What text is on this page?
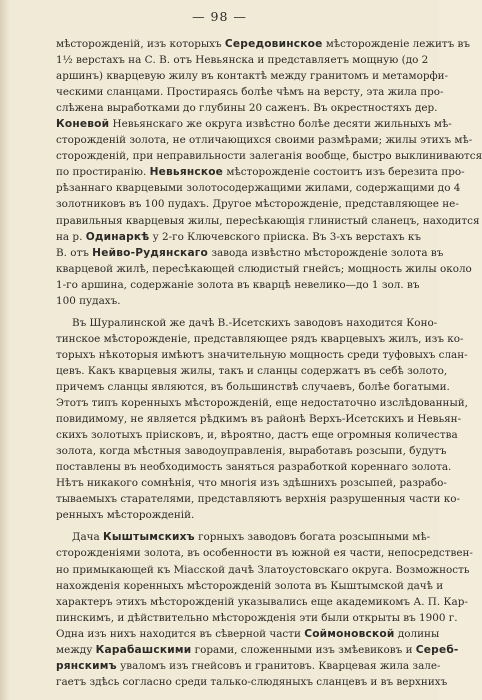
— 98 —
мѣсторожденій, изъ которыхъ Середовинское мѣсторожденіе лежитъ въ
1½ верстахъ на С. В. отъ Невьянска и представляетъ мощную (до 2
аршинъ) кварцевую жилу въ контактѣ между гранитомъ и метаморфи-
ческими сланцами. Простираясь болѣе чѣмъ на версту, эта жила про-
слѣжена выработками до глубины 20 саженъ. Въ окрестностяхъ дер.
Коневой Невьянскаго же округа извѣстно болѣе десяти жильныхъ мѣ-
сторожденій золота, не отличающихся своими размѣрами; жилы этихъ мѣ-
сторожденій, при неправильности залеганія вообще, быстро выклиниваются
по простиранію. Невьянское мѣсторожденіе состоитъ изъ березита про-
рѣзаннаго кварцевыми золотосодержащими жилами, содержащими до 4
золотниковъ въ 100 пудахъ. Другое мѣсторожденіе, представляющее не-
правильныя кварцевыя жилы, пересѣкающія глинистый сланецъ, находится
на р. Одинаркѣ у 2-го Ключевского пріиска. Въ 3-хъ верстахъ къ
В. отъ Нейво-Рудянскаго завода извѣстно мѣсторожденіе золота въ
кварцевой жилѣ, пересѣкающей слюдистый гнейсъ; мощность жилы около
1-го аршина, содержаніе золота въ кварцѣ невелико—до 1 зол. въ
100 пудахъ.
Въ Шуралинской же дачѣ В.-Исетскихъ заводовъ находится Коно-
тинское мѣсторожденіе, представляющее рядъ кварцевыхъ жилъ, изъ ко-
торыхъ нѣкоторыя имѣютъ значительную мощность среди туфовыхъ слан-
цевъ. Какъ кварцевыя жилы, такъ и сланцы содержатъ въ себѣ золото,
причемъ сланцы являются, въ большинствѣ случаевъ, болѣе богатыми.
Этотъ типъ коренныхъ мѣсторожденій, еще недостаточно изслѣдованный,
повидимому, не является рѣдкимъ въ районѣ Верхъ-Исетскихъ и Невьян-
скихъ золотыхъ пріисковъ, и, вѣроятно, дастъ еще огромныя количества
золота, когда мѣстныя заводоуправленія, выработавъ розсыпи, будутъ
поставлены въ необходимость заняться разработкой кореннаго золота.
Нѣтъ никакого сомнѣнія, что многія изъ здѣшнихъ розсыпей, разрабо-
тываемыхъ старателями, представляютъ верхнія разрушенныя части ко-
ренныхъ мѣсторожденій.
Дача Кыштымскихъ горныхъ заводовъ богата розсыпными мѣ-
сторожденіями золота, въ особенности въ южной ея части, непосредствен-
но примыкающей къ Міасской дачѣ Златоустовскаго округа. Возможность
нахожденія коренныхъ мѣсторожденій золота въ Кыштымской дачѣ и
характеръ этихъ мѣсторожденій указывались еще академикомъ А. П. Кар-
пинскимъ, и дѣйствительно мѣсторожденія эти были открыты въ 1900 г.
Одна изъ нихъ находится въ сѣверной части Соймоновской долины
между Карабашскими горами, сложенными изъ змѣевиковъ и Сереб-
рянскимъ уваломъ изъ гнейсовъ и гранитовъ. Кварцевая жила залe-
гаетъ здѣсь согласно среди талько-слюдяныхъ сланцевъ и въ верхнихъ
